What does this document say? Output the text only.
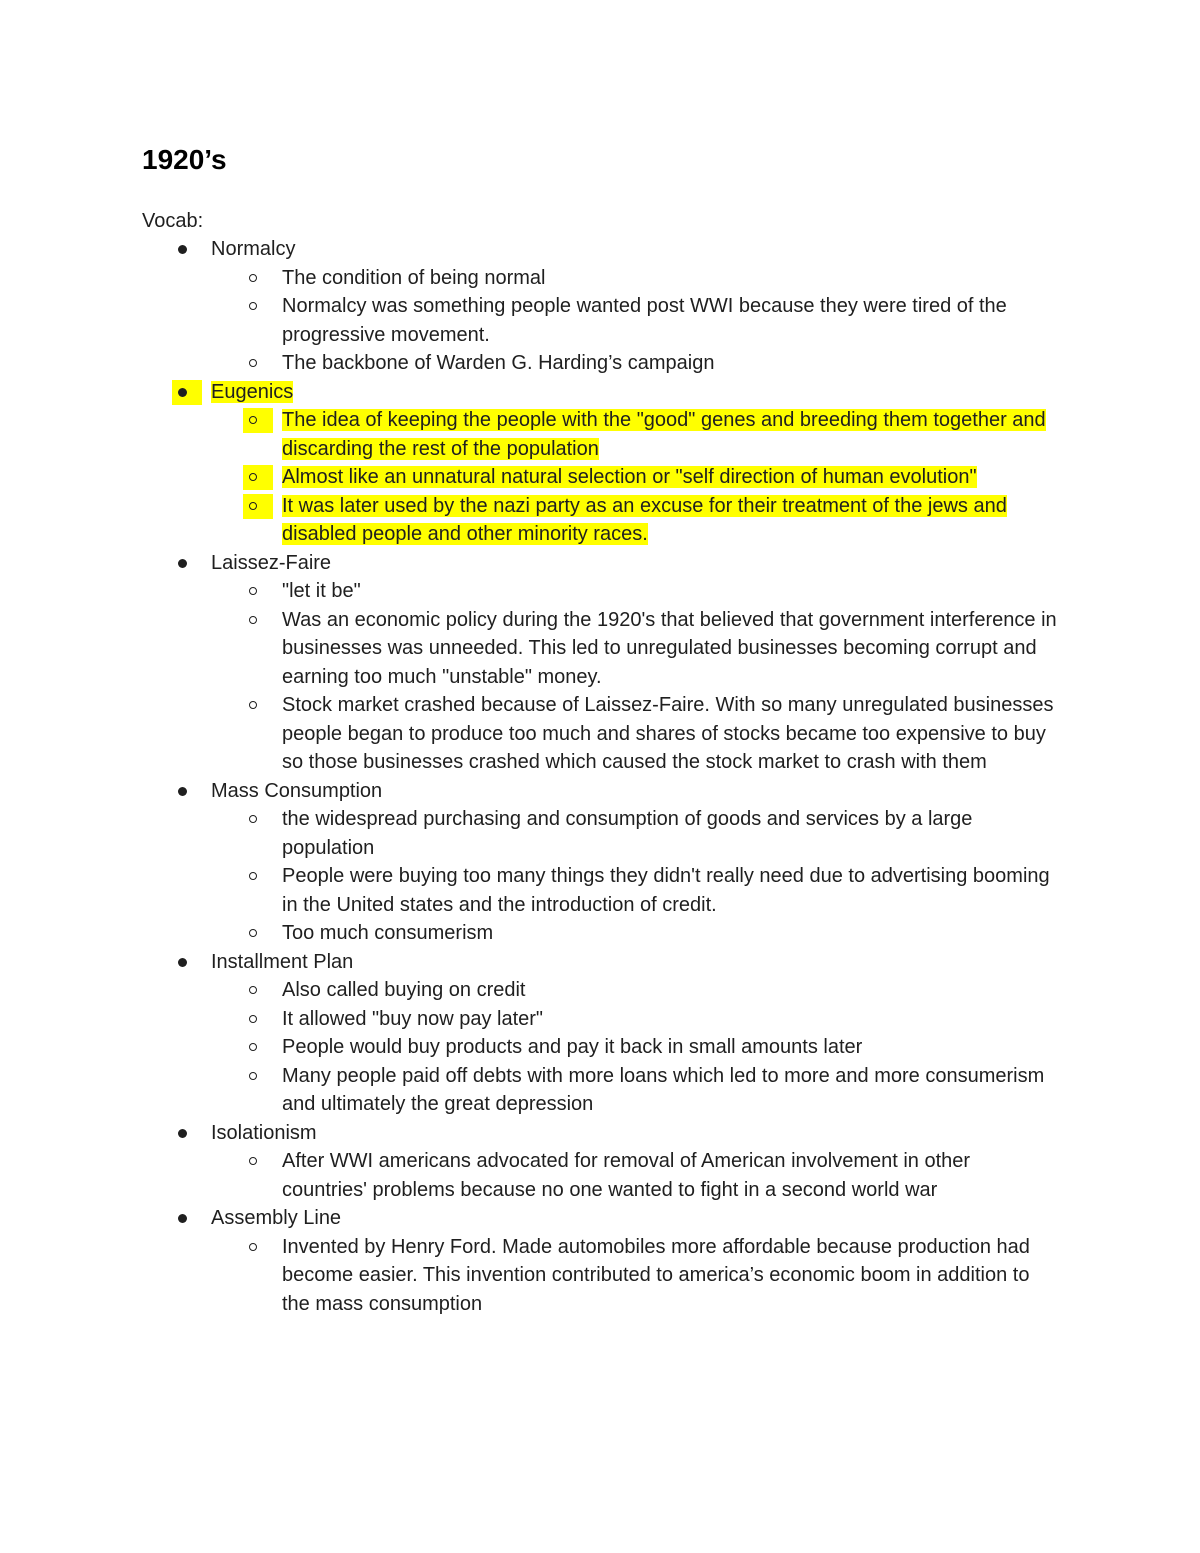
1920’s

Vocab:

Normalcy
The condition of being normal
Normalcy was something people wanted post WWI because they were tired of the progressive movement.
The backbone of Warden G. Harding’s campaign
Eugenics
The idea of keeping the people with the "good" genes and breeding them together and discarding the rest of the population
Almost like an unnatural natural selection or "self direction of human evolution"
It was later used by the nazi party as an excuse for their treatment of the jews and disabled people and other minority races.
Laissez-Faire
"let it be"
Was an economic policy during the 1920's that believed that government interference in businesses was unneeded. This led to unregulated businesses becoming corrupt and earning too much "unstable" money.
Stock market crashed because of Laissez-Faire. With so many unregulated businesses people began to produce too much and shares of stocks became too expensive to buy so those businesses crashed which caused the stock market to crash with them
Mass Consumption
the widespread purchasing and consumption of goods and services by a large population
People were buying too many things they didn't really need due to advertising booming in the United states and the introduction of credit.
Too much consumerism
Installment Plan
Also called buying on credit
It allowed "buy now pay later"
People would buy products and pay it back in small amounts later
Many people paid off debts with more loans which led to more and more consumerism and ultimately the great depression
Isolationism
After WWI americans advocated for removal of American involvement in other countries' problems because no one wanted to fight in a second world war
Assembly Line
Invented by Henry Ford. Made automobiles more affordable because production had become easier. This invention contributed to america’s economic boom in addition to the mass consumption
